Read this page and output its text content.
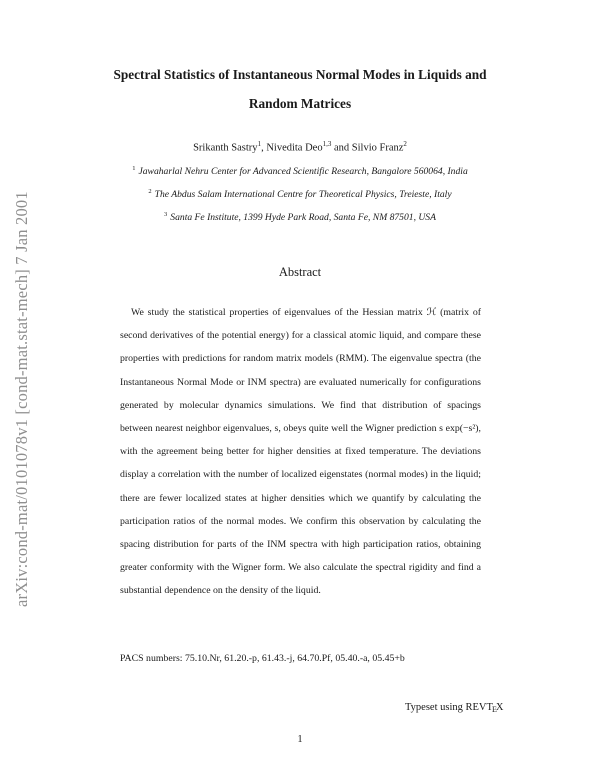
arXiv:cond-mat/0101078v1 [cond-mat.stat-mech] 7 Jan 2001
Spectral Statistics of Instantaneous Normal Modes in Liquids and
Random Matrices
Srikanth Sastry$^1$, Nivedita Deo$^{1,3}$ and Silvio Franz$^2$
$^1$ Jawaharlal Nehru Center for Advanced Scientific Research, Bangalore 560064, India
$^2$ The Abdus Salam International Centre for Theoretical Physics, Treieste, Italy
$^3$ Santa Fe Institute, 1399 Hyde Park Road, Santa Fe, NM 87501, USA
Abstract
We study the statistical properties of eigenvalues of the Hessian matrix ℋ (matrix of second derivatives of the potential energy) for a classical atomic liquid, and compare these properties with predictions for random matrix models (RMM). The eigenvalue spectra (the Instantaneous Normal Mode or INM spectra) are evaluated numerically for configurations generated by molecular dynamics simulations. We find that distribution of spacings between nearest neighbor eigenvalues, s, obeys quite well the Wigner prediction s exp(−s²), with the agreement being better for higher densities at fixed temperature. The deviations display a correlation with the number of localized eigenstates (normal modes) in the liquid; there are fewer localized states at higher densities which we quantify by calculating the participation ratios of the normal modes. We confirm this observation by calculating the spacing distribution for parts of the INM spectra with high participation ratios, obtaining greater conformity with the Wigner form. We also calculate the spectral rigidity and find a substantial dependence on the density of the liquid.
PACS numbers: 75.10.Nr, 61.20.-p, 61.43.-j, 64.70.Pf, 05.40.-a, 05.45+b
Typeset using REVTEX
1
